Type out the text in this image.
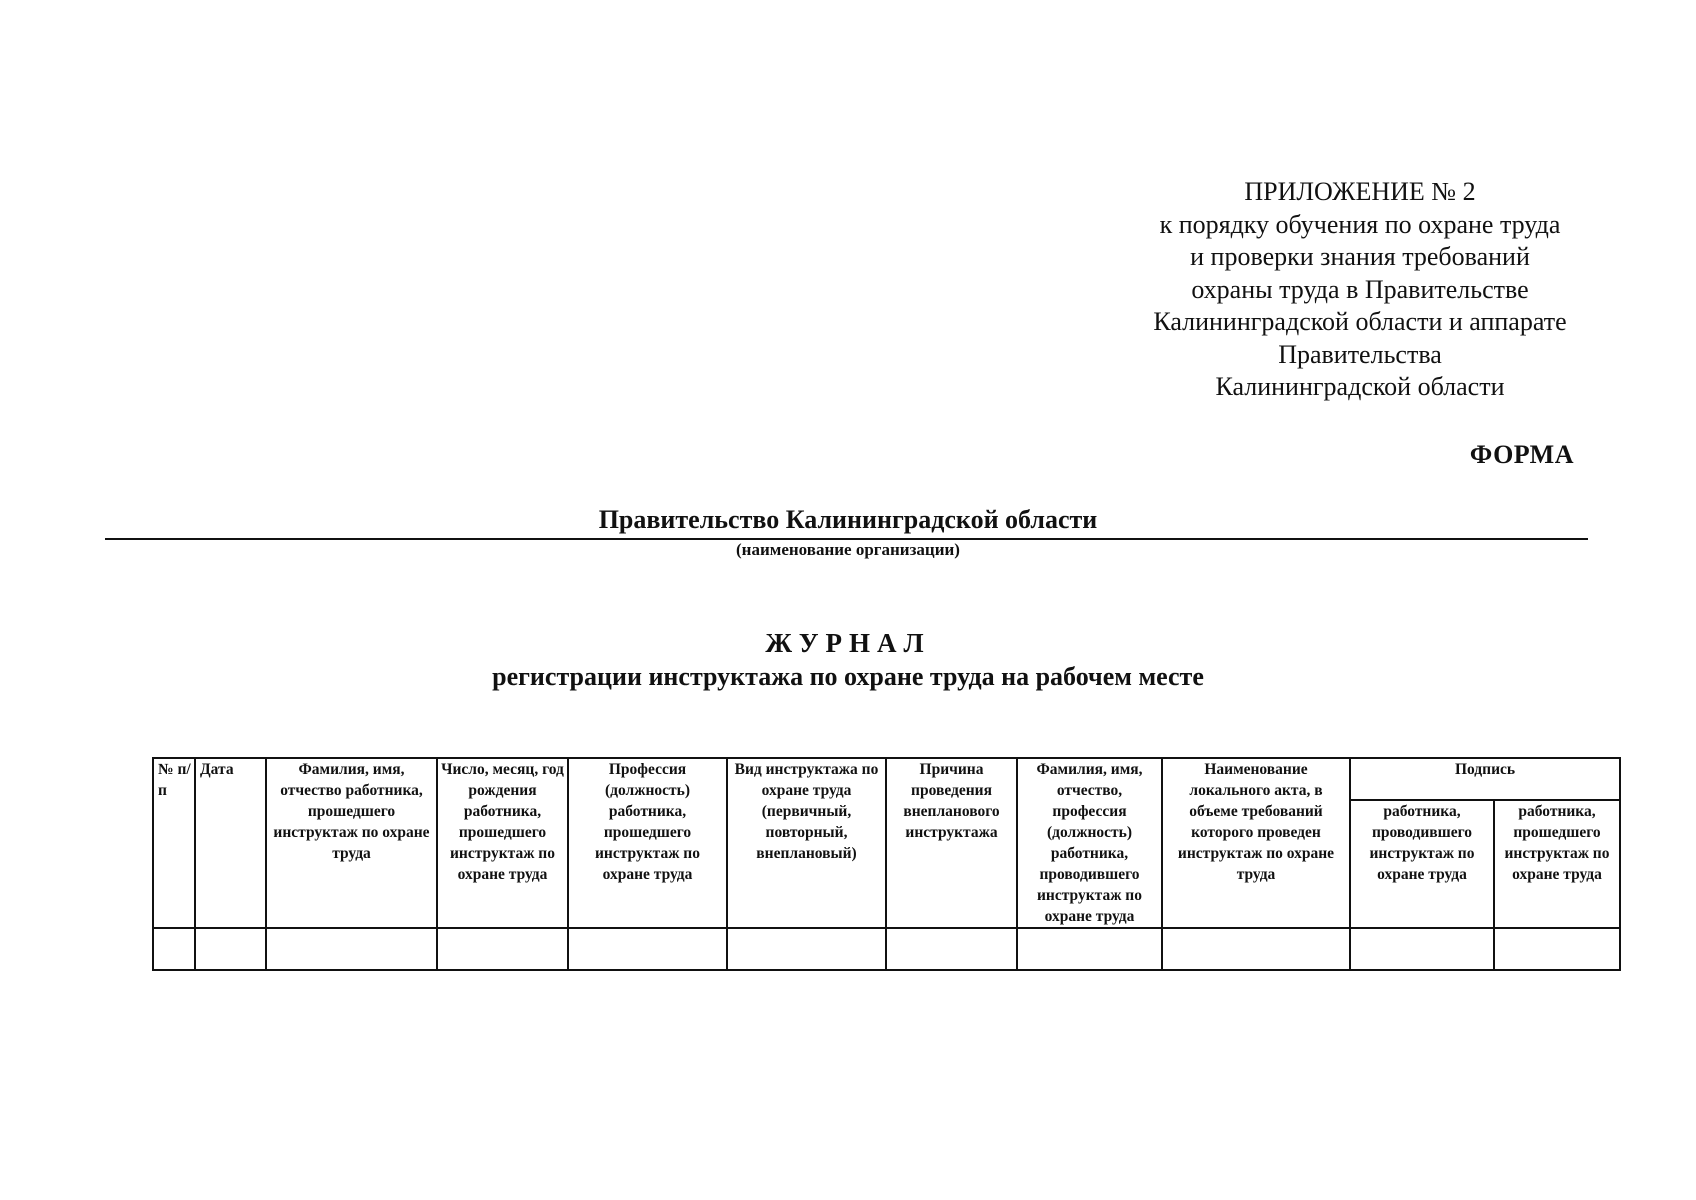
ПРИЛОЖЕНИЕ № 2
к порядку обучения по охране труда
и проверки знания требований
охраны труда в Правительстве
Калининградской области и аппарате
Правительства
Калининградской области
ФОРМА
Правительство Калининградской области
(наименование организации)
ЖУРНАЛ
регистрации инструктажа по охране труда на рабочем месте
№ п/п	Дата	Фамилия, имя, отчество работника, прошедшего инструктаж по охране труда	Число, месяц, год рождения работника, прошедшего инструктаж по охране труда	Профессия (должность) работника, прошедшего инструктаж по охране труда	Вид инструктажа по охране труда (первичный, повторный, внеплановый)	Причина проведения внепланового инструктажа	Фамилия, имя, отчество, профессия (должность) работника, проводившего инструктаж по охране труда	Наименование локального акта, в объеме требований которого проведен инструктаж по охране труда	Подпись	
									работника, проводившего инструктаж по охране труда	работника, прошедшего инструктаж по охране труда
